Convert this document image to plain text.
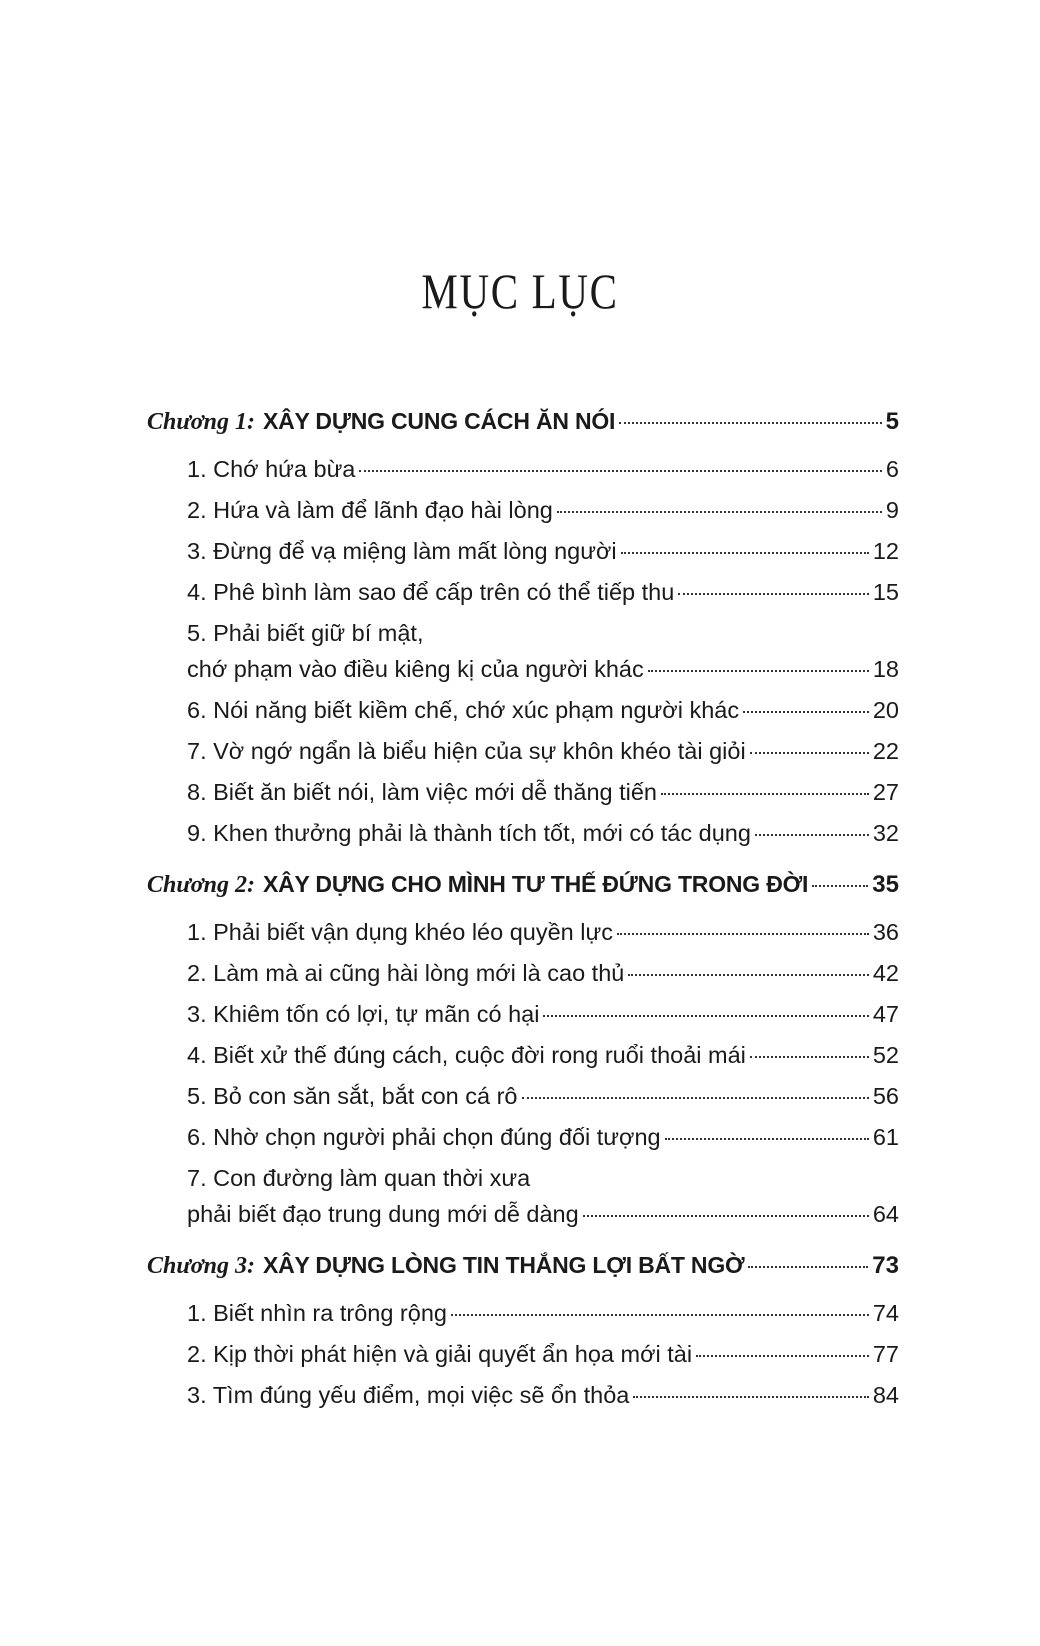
MỤC LỤC
Chương 1: XÂY DỰNG CUNG CÁCH ĂN NÓI	5
1. Chớ hứa bừa	6
2. Hứa và làm để lãnh đạo hài lòng	9
3. Đừng để vạ miệng làm mất lòng người	12
4. Phê bình làm sao để cấp trên có thể tiếp thu	15
5. Phải biết giữ bí mật,
chớ phạm vào điều kiêng kị của người khác	18
6. Nói năng biết kiềm chế, chớ xúc phạm người khác	20
7. Vờ ngớ ngẩn là biểu hiện của sự khôn khéo tài giỏi	22
8. Biết ăn biết nói, làm việc mới dễ thăng tiến	27
9. Khen thưởng phải là thành tích tốt, mới có tác dụng	32
Chương 2: XÂY DỰNG CHO MÌNH TƯ THẾ ĐỨNG TRONG ĐỜI	35
1. Phải biết vận dụng khéo léo quyền lực	36
2. Làm mà ai cũng hài lòng mới là cao thủ	42
3. Khiêm tốn có lợi, tự mãn có hại	47
4. Biết xử thế đúng cách, cuộc đời rong ruổi thoải mái	52
5. Bỏ con săn sắt, bắt con cá rô	56
6. Nhờ chọn người phải chọn đúng đối tượng	61
7. Con đường làm quan thời xưa
phải biết đạo trung dung mới dễ dàng	64
Chương 3: XÂY DỰNG LÒNG TIN THẮNG LỢI BẤT NGỜ	73
1. Biết nhìn ra trông rộng	74
2. Kịp thời phát hiện và giải quyết ẩn họa mới tài	77
3. Tìm đúng yếu điểm, mọi việc sẽ ổn thỏa	84
